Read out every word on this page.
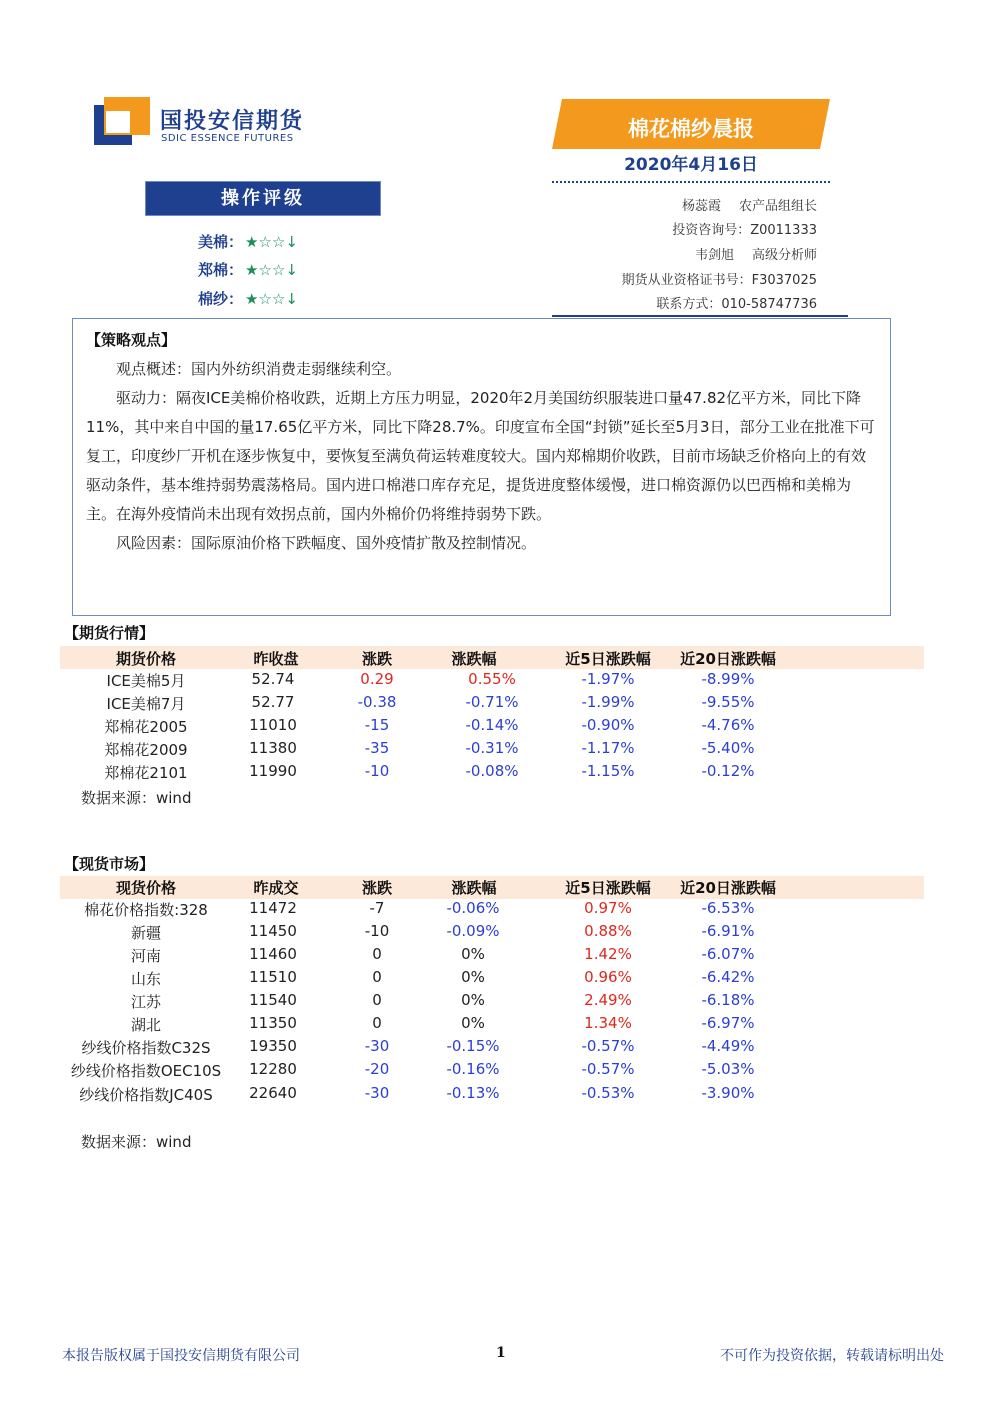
国投安信期货
SDIC ESSENCE FUTURES	棉花棉纱晨报
2020年4月16日
操作评级
美棉： ★☆☆↓
郑棉： ★☆☆↓
棉纱： ★☆☆↓
杨蕊霞 农产品组组长
投资咨询号：Z0011333
韦剑旭 高级分析师
期货从业资格证书号：F3037025
联系方式：010-58747736
【策略观点】
观点概述：国内外纺织消费走弱继续利空。
驱动力：隔夜ICE美棉价格收跌，近期上方压力明显，2020年2月美国纺织服装进口量47.82亿平方米，同比下降11%，其中来自中国的量17.65亿平方米，同比下降28.7%。印度宣布全国“封锁”延长至5月3日，部分工业在批准下可复工，印度纱厂开机在逐步恢复中，要恢复至满负荷运转难度较大。国内郑棉期价收跌，目前市场缺乏价格向上的有效驱动条件，基本维持弱势震荡格局。国内进口棉港口库存充足，提货进度整体缓慢，进口棉资源仍以巴西棉和美棉为主。在海外疫情尚未出现有效拐点前，国内外棉价仍将维持弱势下跌。
风险因素：国际原油价格下跌幅度、国外疫情扩散及控制情况。
【期货行情】
期货价格	昨收盘	涨跌	涨跌幅	近5日涨跌幅 近20日涨跌幅
ICE美棉5月	52.74	0.29	0.55%	-1.97%	-8.99%
ICE美棉7月	52.77	-0.38	-0.71%	-1.99%	-9.55%
郑棉花2005	11010	-15	-0.14%	-0.90%	-4.76%
郑棉花2009	11380	-35	-0.31%	-1.17%	-5.40%
郑棉花2101	11990	-10	-0.08%	-1.15%	-0.12%
数据来源：wind
【现货市场】
现货价格	昨成交	涨跌	涨跌幅	近5日涨跌幅 近20日涨跌幅
棉花价格指数:328	11472	-7	-0.06%	0.97%	-6.53%
新疆	11450	-10	-0.09%	0.88%	-6.91%
河南	11460	0	0%	1.42%	-6.07%
山东	11510	0	0%	0.96%	-6.42%
江苏	11540	0	0%	2.49%	-6.18%
湖北	11350	0	0%	1.34%	-6.97%
纱线价格指数C32S	19350	-30	-0.15%	-0.57%	-4.49%
纱线价格指数OEC10S 12280	-20	-0.16%	-0.57%	-5.03%
纱线价格指数JC40S 22640	-30	-0.13%	-0.53%	-3.90%
数据来源：wind
本报告版权属于国投安信期货有限公司	1	不可作为投资依据，转载请标明出处
